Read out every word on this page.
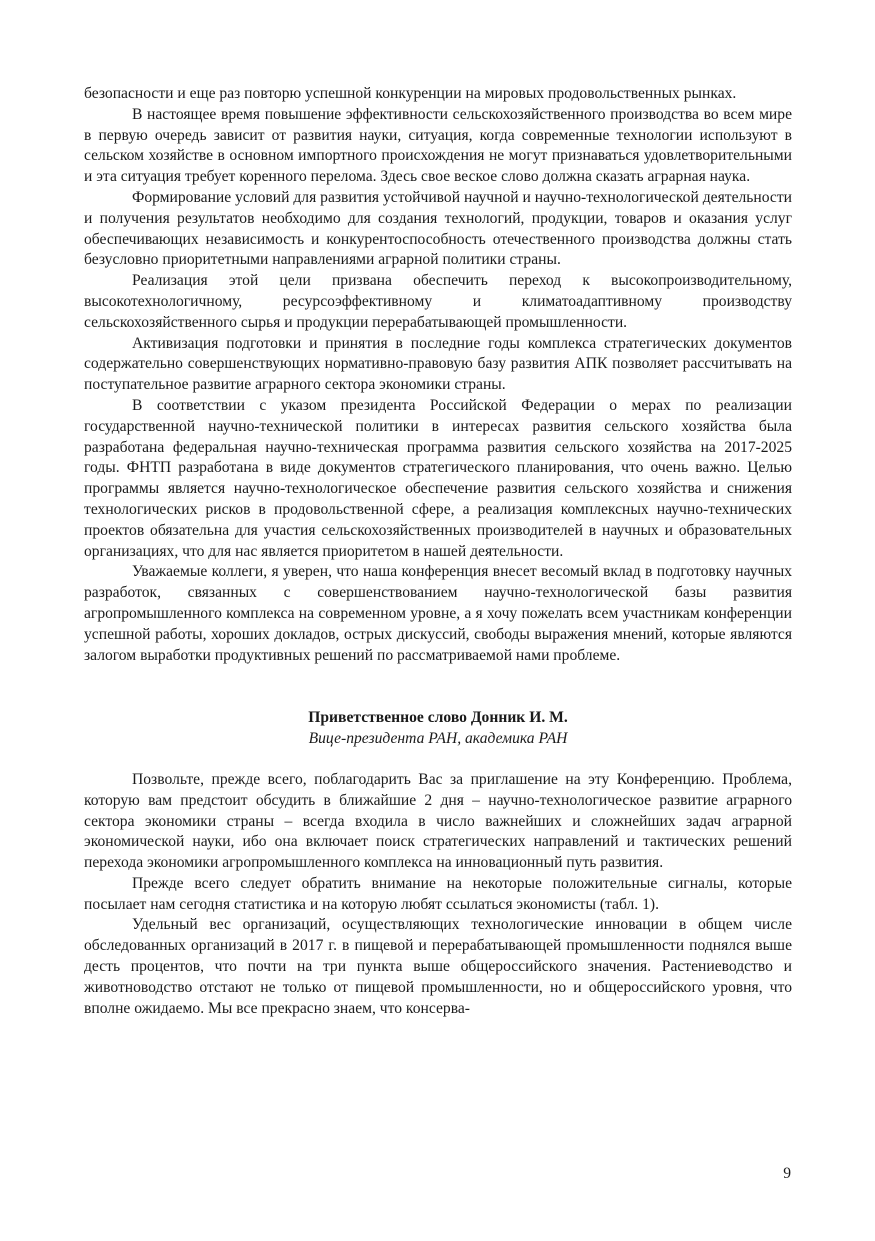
безопасности и еще раз повторю успешной конкуренции на мировых продовольственных рынках.

В настоящее время повышение эффективности сельскохозяйственного производства во всем мире в первую очередь зависит от развития науки, ситуация, когда современные технологии используют в сельском хозяйстве в основном импортного происхождения не могут признаваться удовлетворительными и эта ситуация требует коренного перелома. Здесь свое веское слово должна сказать аграрная наука.

Формирование условий для развития устойчивой научной и научно-технологической деятельности и получения результатов необходимо для создания технологий, продукции, товаров и оказания услуг обеспечивающих независимость и конкурентоспособность отечественного производства должны стать безусловно приоритетными направлениями аграрной политики страны.

Реализация этой цели призвана обеспечить переход к высокопроизводительному, высокотехнологичному, ресурсоэффективному и климатоадаптивному производству сельскохозяйственного сырья и продукции перерабатывающей промышленности.

Активизация подготовки и принятия в последние годы комплекса стратегических документов содержательно совершенствующих нормативно-правовую базу развития АПК позволяет рассчитывать на поступательное развитие аграрного сектора экономики страны.

В соответствии с указом президента Российской Федерации о мерах по реализации государственной научно-технической политики в интересах развития сельского хозяйства была разработана федеральная научно-техническая программа развития сельского хозяйства на 2017-2025 годы. ФНТП разработана в виде документов стратегического планирования, что очень важно. Целью программы является научно-технологическое обеспечение развития сельского хозяйства и снижения технологических рисков в продовольственной сфере, а реализация комплексных научно-технических проектов обязательна для участия сельскохозяйственных производителей в научных и образовательных организациях, что для нас является приоритетом в нашей деятельности.

Уважаемые коллеги, я уверен, что наша конференция внесет весомый вклад в подготовку научных разработок, связанных с совершенствованием научно-технологической базы развития агропромышленного комплекса на современном уровне, а я хочу пожелать всем участникам конференции успешной работы, хороших докладов, острых дискуссий, свободы выражения мнений, которые являются залогом выработки продуктивных решений по рассматриваемой нами проблеме.

Приветственное слово Донник И. М.

Вице-президента РАН, академика РАН

Позвольте, прежде всего, поблагодарить Вас за приглашение на эту Конференцию. Проблема, которую вам предстоит обсудить в ближайшие 2 дня – научно-технологическое развитие аграрного сектора экономики страны – всегда входила в число важнейших и сложнейших задач аграрной экономической науки, ибо она включает поиск стратегических направлений и тактических решений перехода экономики агропромышленного комплекса на инновационный путь развития.

Прежде всего следует обратить внимание на некоторые положительные сигналы, которые посылает нам сегодня статистика и на которую любят ссылаться экономисты (табл. 1).

Удельный вес организаций, осуществляющих технологические инновации в общем числе обследованных организаций в 2017 г. в пищевой и перерабатывающей промышленности поднялся выше десть процентов, что почти на три пункта выше общероссийского значения. Растениеводство и животноводство отстают не только от пищевой промышленности, но и общероссийского уровня, что вполне ожидаемо. Мы все прекрасно знаем, что консерва-

9
